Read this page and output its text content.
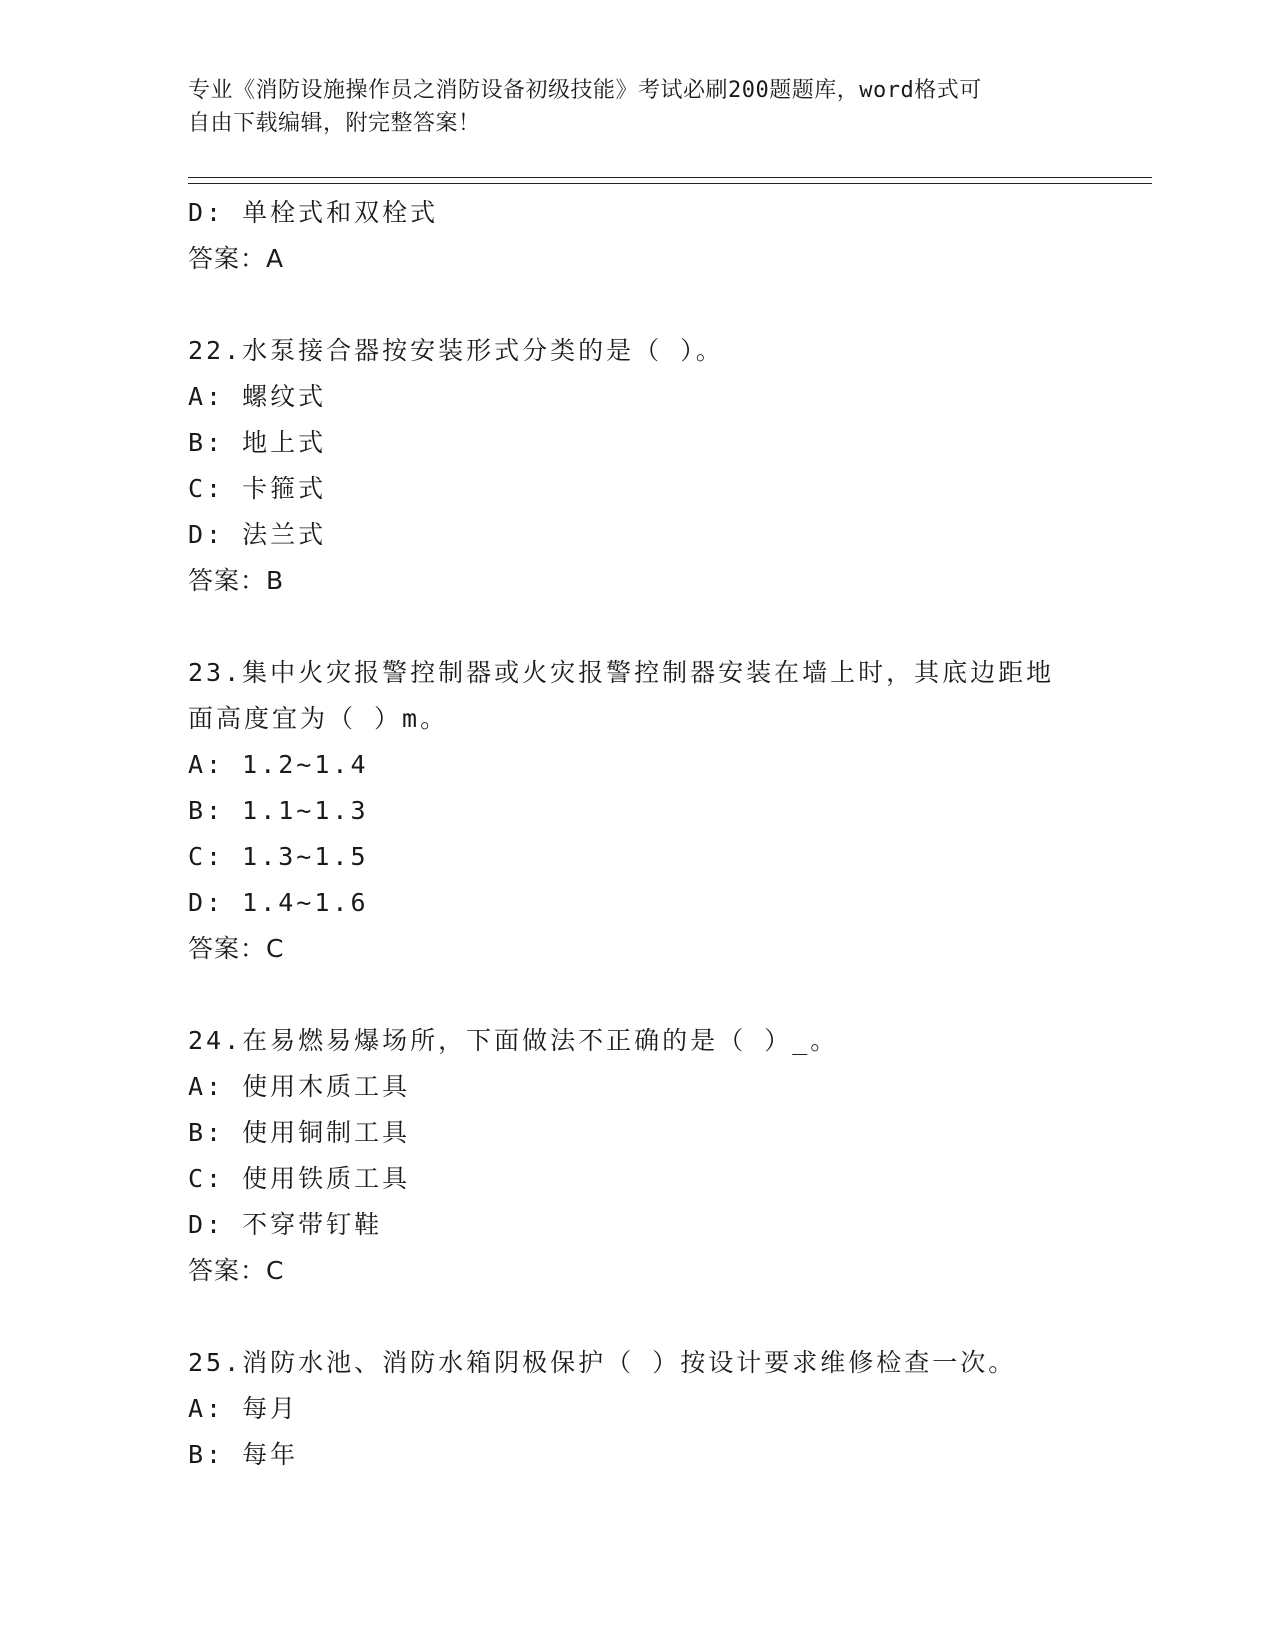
专业《消防设施操作员之消防设备初级技能》考试必刷200题题库，word格式可
自由下载编辑，附完整答案！
D: 单栓式和双栓式
答案：A
22.水泵接合器按安装形式分类的是（ ）。
A: 螺纹式
B: 地上式
C: 卡箍式
D: 法兰式
答案：B
23.集中火灾报警控制器或火灾报警控制器安装在墙上时，其底边距地
面高度宜为（ ）m。
A: 1.2~1.4
B: 1.1~1.3
C: 1.3~1.5
D: 1.4~1.6
答案：C
24.在易燃易爆场所，下面做法不正确的是（ ）_。
A: 使用木质工具
B: 使用铜制工具
C: 使用铁质工具
D: 不穿带钉鞋
答案：C
25.消防水池、消防水箱阴极保护（ ）按设计要求维修检查一次。
A: 每月
B: 每年
